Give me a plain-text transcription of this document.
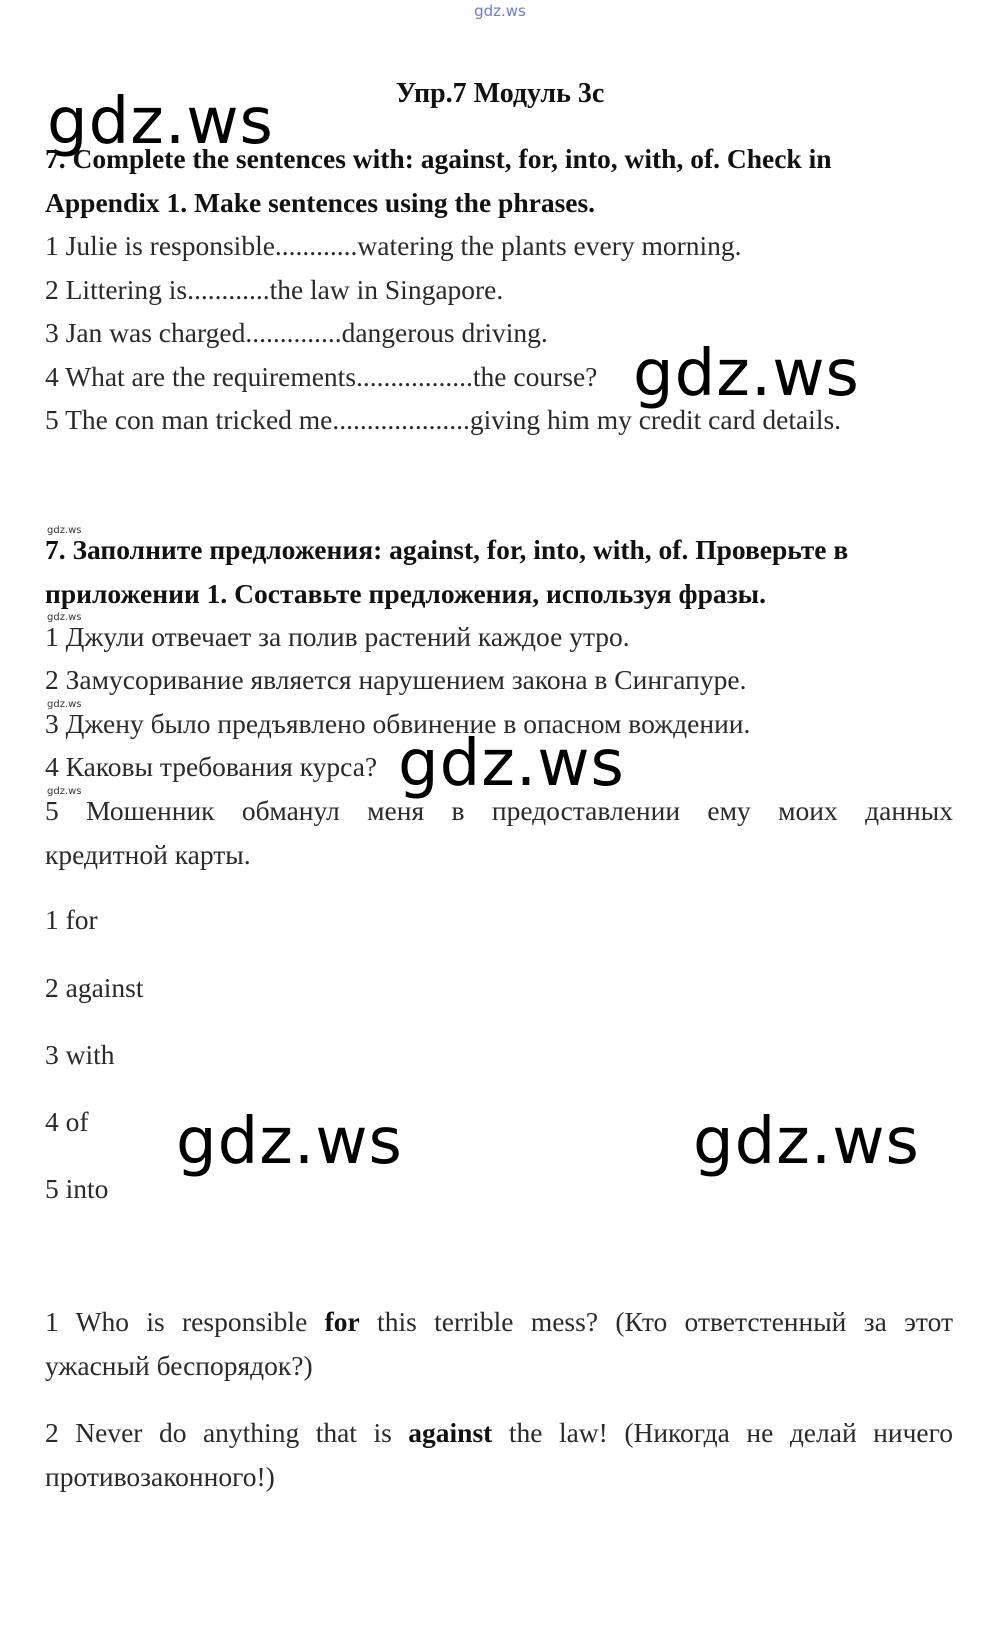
gdz.ws
Упр.7 Модуль 3с
gdz.ws
7. Complete the sentences with: against, for, into, with, of. Check in
Appendix 1. Make sentences using the phrases.
1 Julie is responsible............watering the plants every morning.
2 Littering is............the law in Singapore.
3 Jan was charged..............dangerous driving.
4 What are the requirements.................the course?
5 The con man tricked me....................giving him my credit card details.
gdz.ws
gdz.ws
7. Заполните предложения: against, for, into, with, of. Проверьте в
приложении 1. Составьте предложения, используя фразы.
gdz.ws
1 Джули отвечает за полив растений каждое утро.
2 Замусоривание является нарушением закона в Сингапуре.
gdz.ws
3 Джену было предъявлено обвинение в опасном вождении.
4 Каковы требования курса?
gdz.ws
5 Мошенник обманул меня в предоставлении ему моих данных
кредитной карты.
gdz.ws
1 for
2 against
3 with
4 of
5 into
gdz.ws	gdz.ws
1 Who is responsible for this terrible mess? (Кто ответстенный за этот
ужасный беспорядок?)
2 Never do anything that is against the law! (Никогда не делай ничего
противозаконного!)
